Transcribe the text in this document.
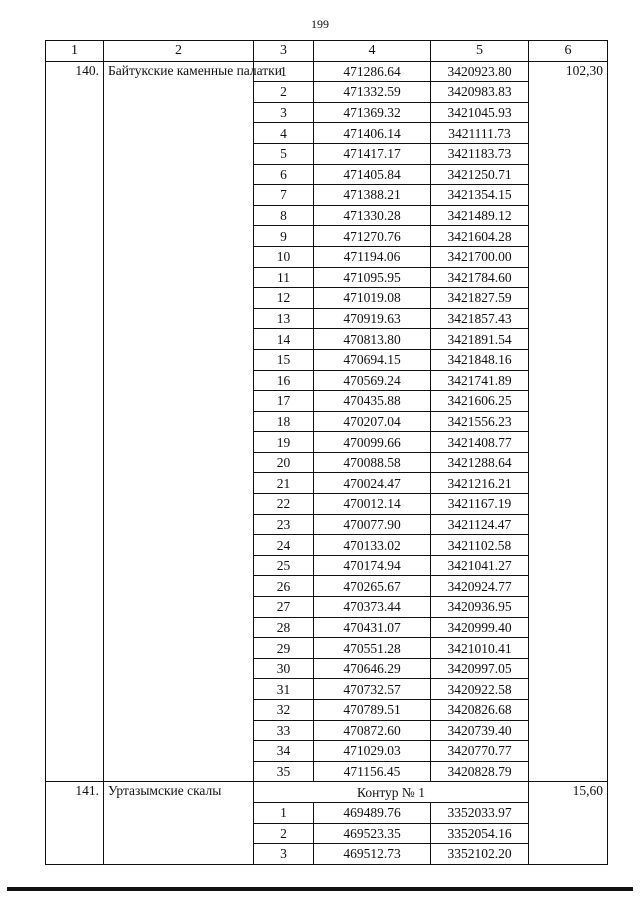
199
1	2	3	4	5	6
140.	Байтукские каменные палатки	1	471286.64	3420923.80	102,30
		2	471332.59	3420983.83	
		3	471369.32	3421045.93	
		4	471406.14	3421111.73	
		5	471417.17	3421183.73	
		6	471405.84	3421250.71	
		7	471388.21	3421354.15	
		8	471330.28	3421489.12	
		9	471270.76	3421604.28	
		10	471194.06	3421700.00	
		11	471095.95	3421784.60	
		12	471019.08	3421827.59	
		13	470919.63	3421857.43	
		14	470813.80	3421891.54	
		15	470694.15	3421848.16	
		16	470569.24	3421741.89	
		17	470435.88	3421606.25	
		18	470207.04	3421556.23	
		19	470099.66	3421408.77	
		20	470088.58	3421288.64	
		21	470024.47	3421216.21	
		22	470012.14	3421167.19	
		23	470077.90	3421124.47	
		24	470133.02	3421102.58	
		25	470174.94	3421041.27	
		26	470265.67	3420924.77	
		27	470373.44	3420936.95	
		28	470431.07	3420999.40	
		29	470551.28	3421010.41	
		30	470646.29	3420997.05	
		31	470732.57	3420922.58	
		32	470789.51	3420826.68	
		33	470872.60	3420739.40	
		34	471029.03	3420770.77	
		35	471156.45	3420828.79	
141.	Уртазымские скалы	Контур № 1			15,60
		1	469489.76	3352033.97	
		2	469523.35	3352054.16	
		3	469512.73	3352102.20	
